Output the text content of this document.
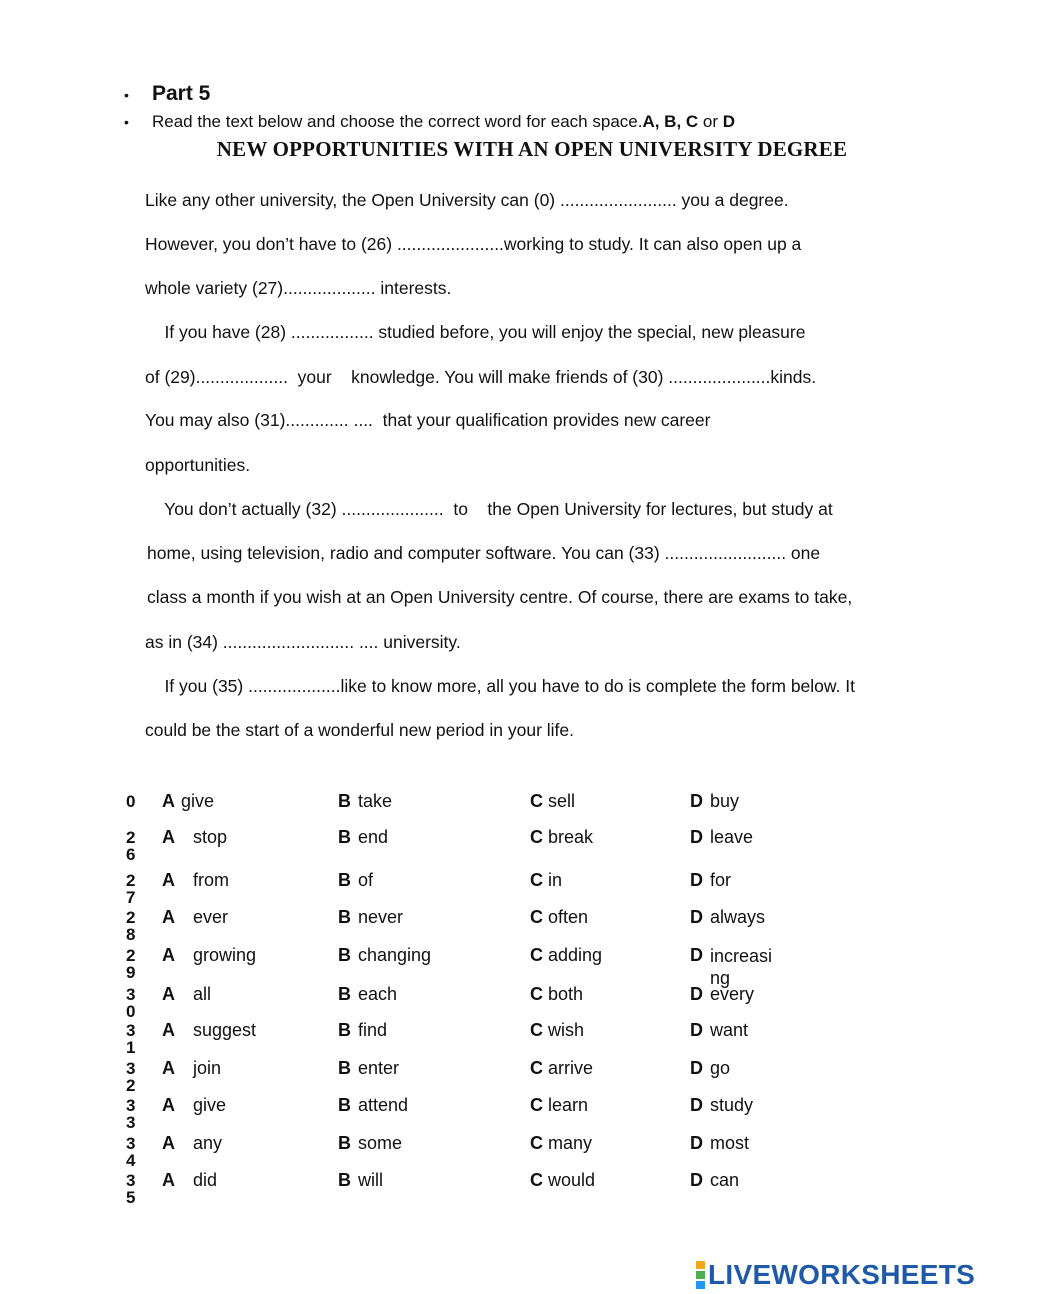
•	Part 5
•	Read the text below and choose the correct word for each space.A, B, C or D
NEW OPPORTUNITIES WITH AN OPEN UNIVERSITY DEGREE
Like any other university, the Open University can (0) ........................ you a degree.
However, you don’t have to (26) ......................working to study. It can also open up a
whole variety (27)................... interests.
If you have (28) ................. studied before, you will enjoy the special, new pleasure
of (29)...................  your    knowledge. You will make friends of (30) .....................kinds.
You may also (31)............. ....  that your qualification provides new career
opportunities.
You don’t actually (32) .....................  to    the Open University for lectures, but study at
home, using television, radio and computer software. You can (33) ......................... one
class a month if you wish at an Open University centre. Of course, there are exams to take,
as in (34) ........................... .... university.
If you (35) ...................like to know more, all you have to do is complete the form below. It
could be the start of a wonderful new period in your life.
0 A give	B take	C sell	D buy
26
A stop	B end	C break	D leave
27
A from	B of	C in	D for
28
A ever	B never	C often	D always
29
A growing	B changing	C adding	D increasing
30
A all	B each	C both	D every
31
A suggest	B find	C wish	D want
32
A join	B enter	C arrive	D go
33
A give	B attend	C learn	D study
34
A any	B some	C many	D most
35
A did	B will	C would	D can
LIVEWORKSHEETS
